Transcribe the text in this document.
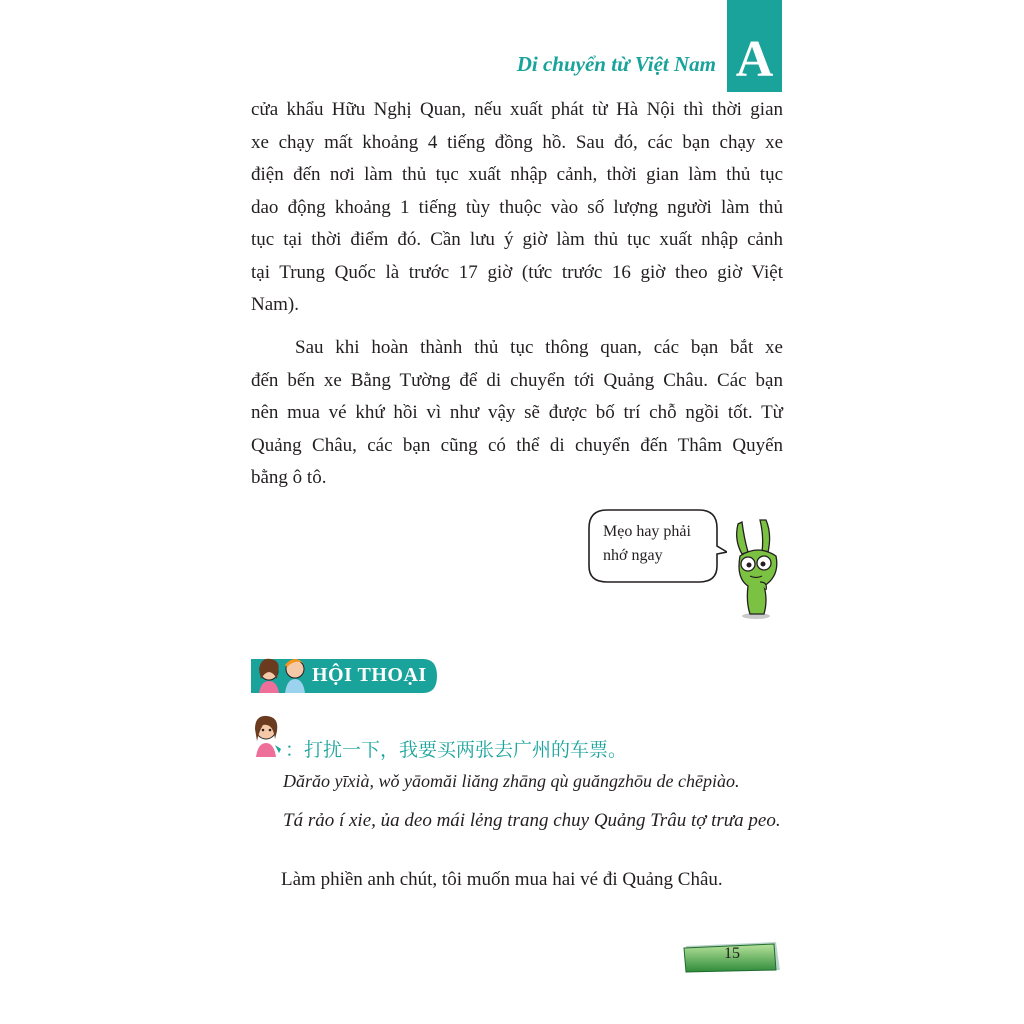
A
Di chuyển từ Việt Nam

cửa khẩu Hữu Nghị Quan, nếu xuất phát từ Hà Nội thì thời gian
xe chạy mất khoảng 4 tiếng đồng hồ. Sau đó, các bạn chạy xe
điện đến nơi làm thủ tục xuất nhập cảnh, thời gian làm thủ tục
dao động khoảng 1 tiếng tùy thuộc vào số lượng người làm thủ
tục tại thời điểm đó. Cần lưu ý giờ làm thủ tục xuất nhập cảnh
tại Trung Quốc là trước 17 giờ (tức trước 16 giờ theo giờ Việt
Nam).

Sau khi hoàn thành thủ tục thông quan, các bạn bắt xe
đến bến xe Bằng Tường để di chuyển tới Quảng Châu. Các bạn
nên mua vé khứ hồi vì như vậy sẽ được bố trí chỗ ngồi tốt. Từ
Quảng Châu, các bạn cũng có thể di chuyển đến Thâm Quyến
bằng ô tô.

Mẹo hay phải
nhớ ngay
HỘI THOẠI
：打扰一下，我要买两张去广州的车票。
Dărăo yīxià, wǒ yāomăi liăng zhāng qù guăngzhōu de chēpiào.
Tá rảo í xie, ủa deo mái lẻng trang chuy Quảng Trâu tợ trưa peo.
Làm phiền anh chút, tôi muốn mua hai vé đi Quảng Châu.
15
